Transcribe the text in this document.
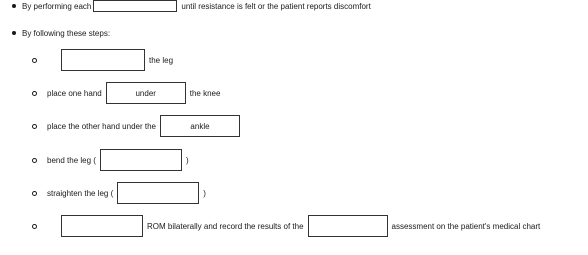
By performing each	until resistance is felt or the patient reports discomfort
By following these steps:
the leg
place one hand	under	the knee
place the other hand under the	ankle
bend the leg (	)
straighten the leg (	)
ROM bilaterally and record the results of the	assessment on the patient's medical chart
